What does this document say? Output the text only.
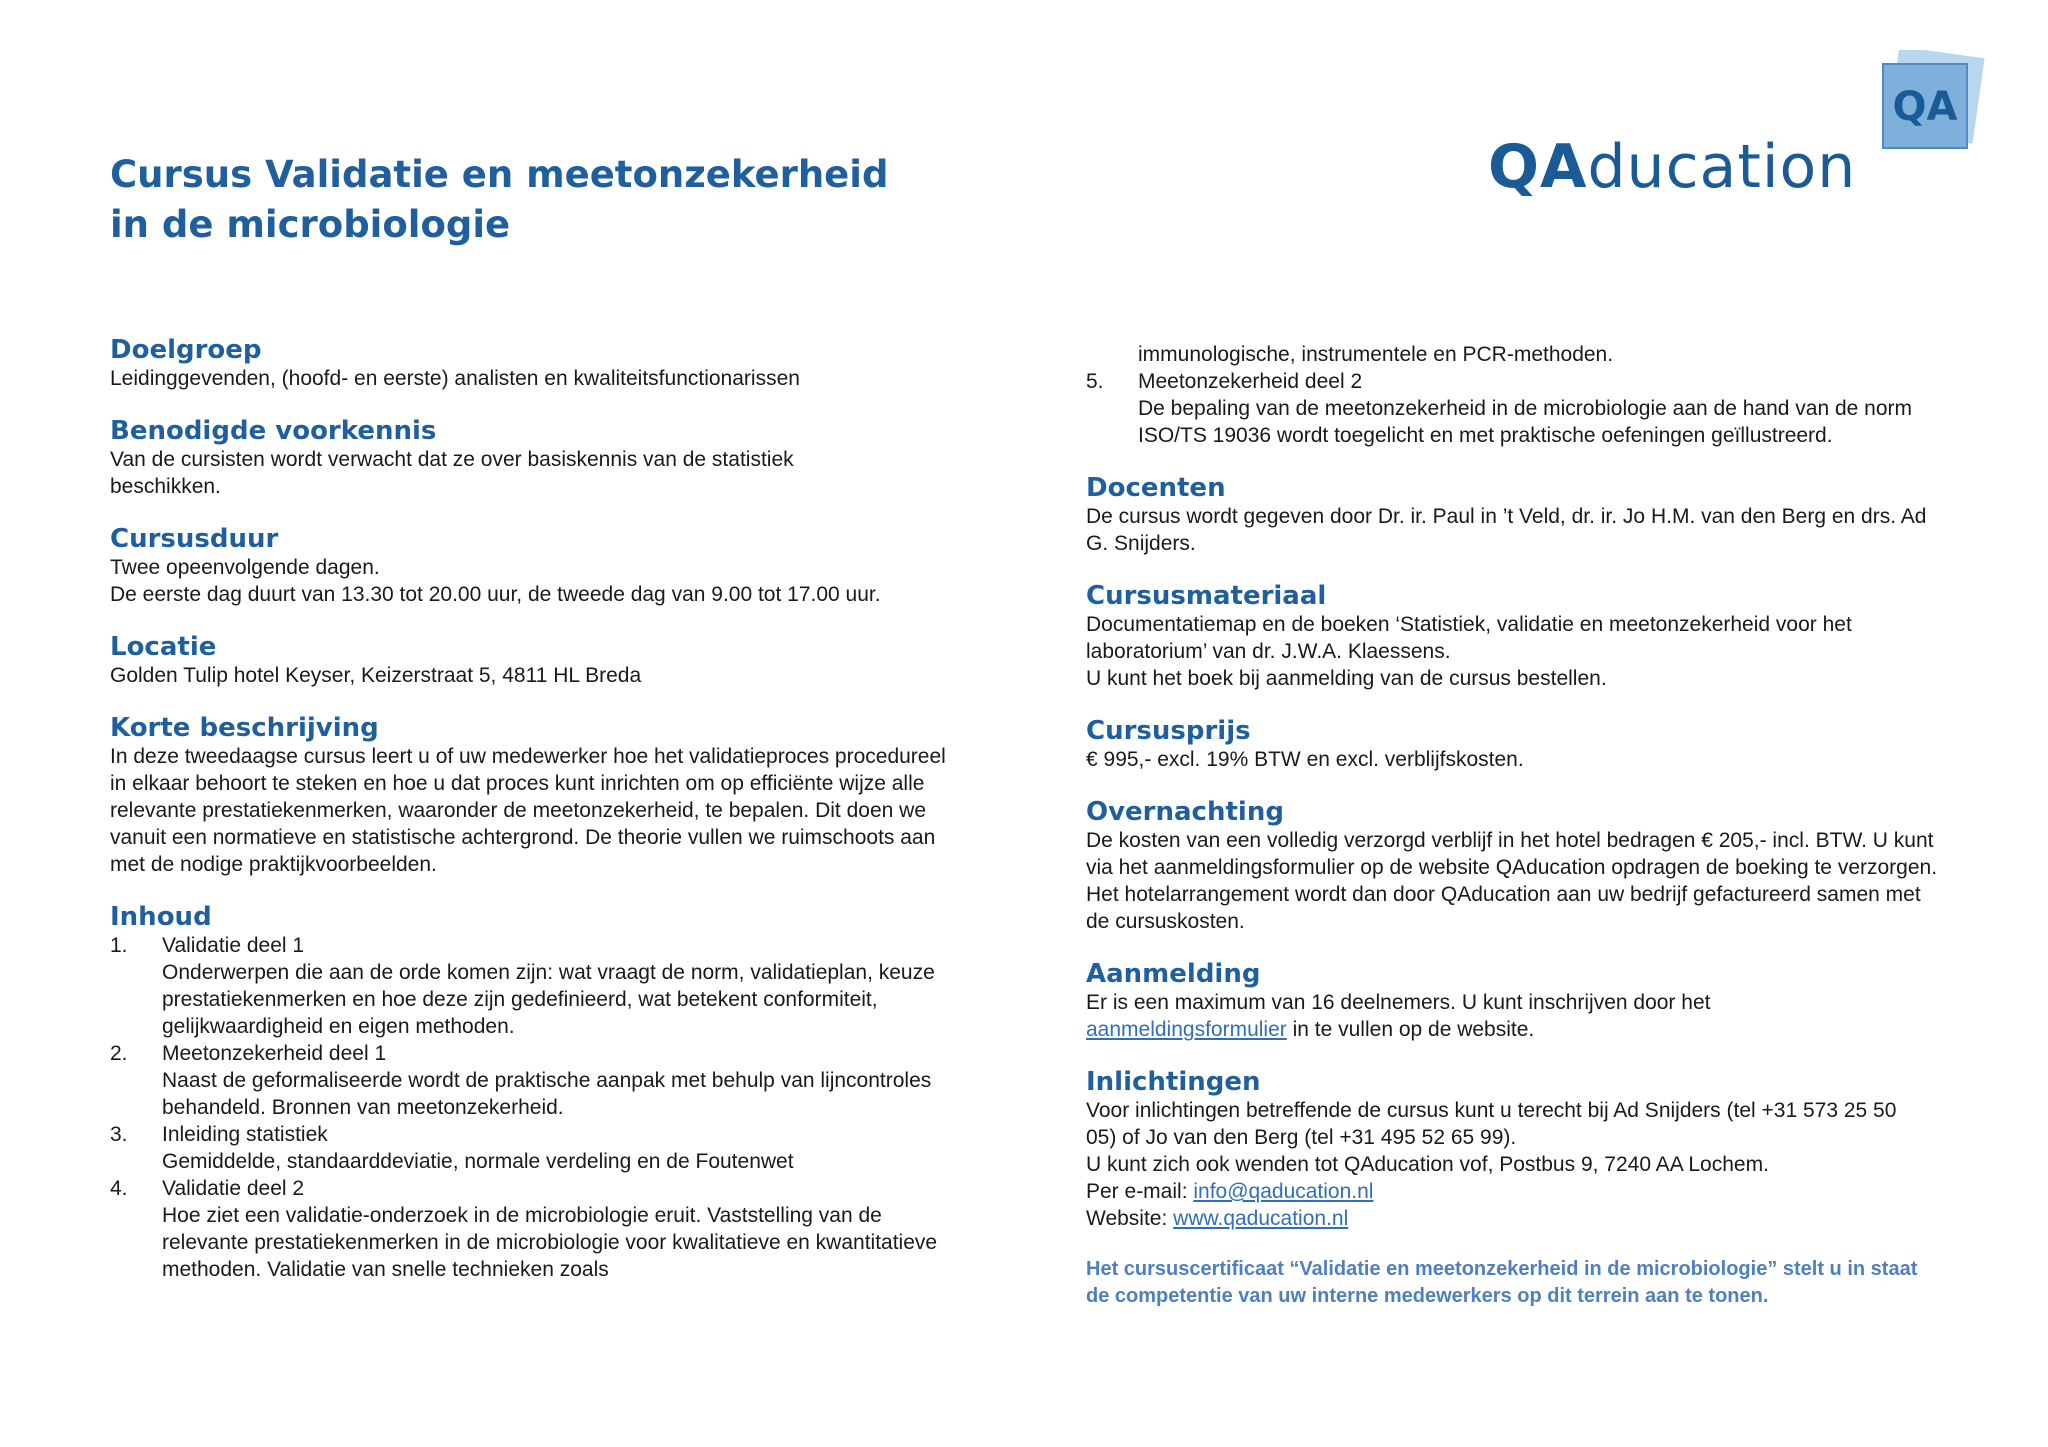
Cursus Validatie en meetonzekerheid
in de microbiologie
QA
QAducation
Doelgroep
Leidinggevenden, (hoofd- en eerste) analisten en kwaliteitsfunctionarissen
Benodigde voorkennis
Van de cursisten wordt verwacht dat ze over basiskennis van de statistiek beschikken.
Cursusduur
Twee opeenvolgende dagen.
De eerste dag duurt van 13.30 tot 20.00 uur, de tweede dag van 9.00 tot 17.00 uur.
Locatie
Golden Tulip hotel Keyser, Keizerstraat 5, 4811 HL Breda
Korte beschrijving
In deze tweedaagse cursus leert u of uw medewerker hoe het validatieproces procedureel in elkaar behoort te steken en hoe u dat proces kunt inrichten om op efficiënte wijze alle relevante prestatiekenmerken, waaronder de meetonzekerheid, te bepalen. Dit doen we vanuit een normatieve en statistische achtergrond. De theorie vullen we ruimschoots aan met de nodige praktijkvoorbeelden.
Inhoud
1. Validatie deel 1
Onderwerpen die aan de orde komen zijn: wat vraagt de norm, validatieplan, keuze prestatiekenmerken en hoe deze zijn gedefinieerd, wat betekent conformiteit, gelijkwaardigheid en eigen methoden.
2. Meetonzekerheid deel 1
Naast de geformaliseerde wordt de praktische aanpak met behulp van lijncontroles behandeld. Bronnen van meetonzekerheid.
3. Inleiding statistiek
Gemiddelde, standaarddeviatie, normale verdeling en de Foutenwet
4. Validatie deel 2
Hoe ziet een validatie-onderzoek in de microbiologie eruit. Vaststelling van de relevante prestatiekenmerken in de microbiologie voor kwalitatieve en kwantitatieve methoden. Validatie van snelle technieken zoals
immunologische, instrumentele en PCR-methoden.
5. Meetonzekerheid deel 2
De bepaling van de meetonzekerheid in de microbiologie aan de hand van de norm ISO/TS 19036 wordt toegelicht en met praktische oefeningen geïllustreerd.
Docenten
De cursus wordt gegeven door Dr. ir. Paul in ’t Veld, dr. ir. Jo H.M. van den Berg en drs. Ad G. Snijders.
Cursusmateriaal
Documentatiemap en de boeken ‘Statistiek, validatie en meetonzekerheid voor het laboratorium’ van dr. J.W.A. Klaessens.
U kunt het boek bij aanmelding van de cursus bestellen.
Cursusprijs
€ 995,- excl. 19% BTW en excl. verblijfskosten.
Overnachting
De kosten van een volledig verzorgd verblijf in het hotel bedragen € 205,- incl. BTW. U kunt via het aanmeldingsformulier op de website QAducation opdragen de boeking te verzorgen. Het hotelarrangement wordt dan door QAducation aan uw bedrijf gefactureerd samen met de cursuskosten.
Aanmelding
Er is een maximum van 16 deelnemers. U kunt inschrijven door het aanmeldingsformulier in te vullen op de website.
Inlichtingen
Voor inlichtingen betreffende de cursus kunt u terecht bij Ad Snijders (tel +31 573 25 50 05) of Jo van den Berg (tel +31 495 52 65 99).
U kunt zich ook wenden tot QAducation vof, Postbus 9, 7240 AA Lochem.
Per e-mail: info@qaducation.nl
Website: www.qaducation.nl
Het cursuscertificaat “Validatie en meetonzekerheid in de microbiologie” stelt u in staat de competentie van uw interne medewerkers op dit terrein aan te tonen.
